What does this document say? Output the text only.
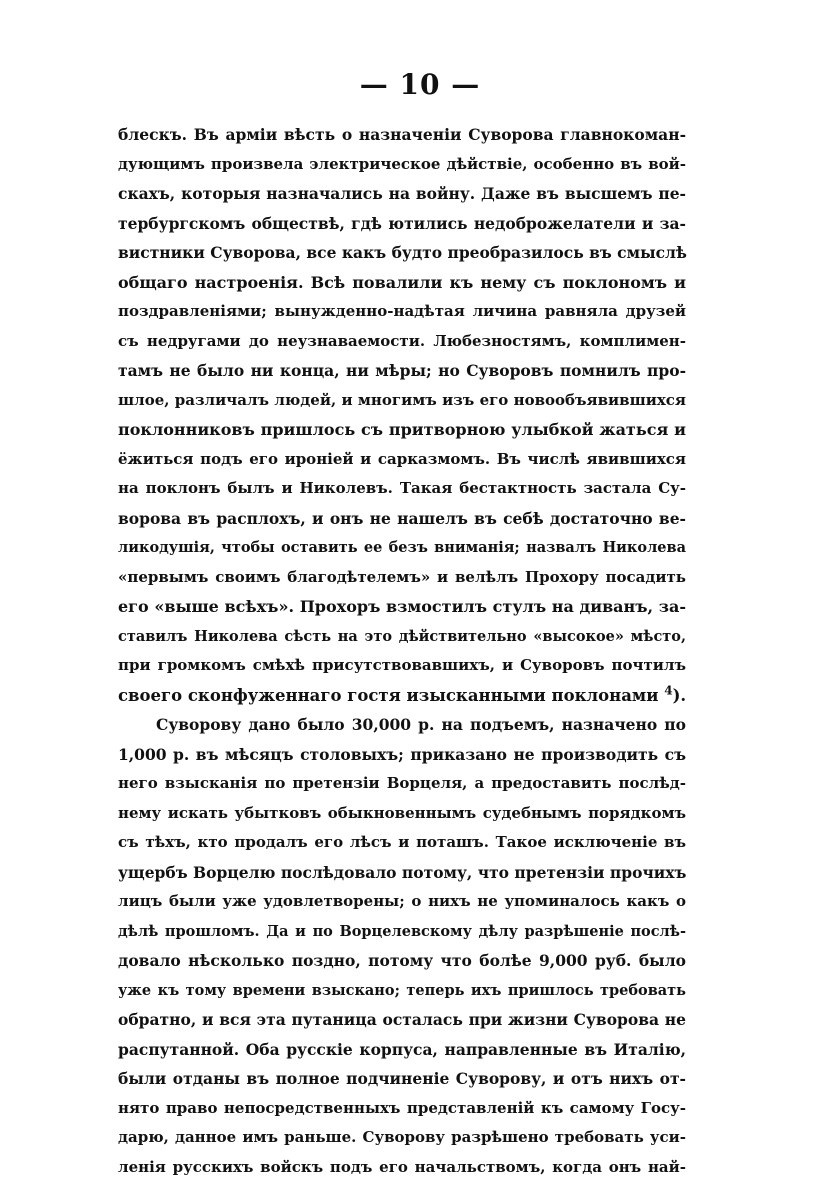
— 10 —
блескъ. Въ арміи вѣсть о назначеніи Суворова главнокоман-
дующимъ произвела электрическое дѣйствіе, особенно въ вой-
скахъ, которыя назначались на войну. Даже въ высшемъ пе-
тербургскомъ обществѣ, гдѣ ютились недоброжелатели и за-
вистники Суворова, все какъ будто преобразилось въ смыслѣ
общаго настроенія. Всѣ повалили къ нему съ поклономъ и
поздравленіями; вынужденно-надѣтая личина равняла друзей
съ недругами до неузнаваемости. Любезностямъ, комплимен-
тамъ не было ни конца, ни мѣры; но Суворовъ помнилъ про-
шлое, различалъ людей, и многимъ изъ его новообъявившихся
поклонниковъ пришлось съ притворною улыбкой жаться и
ёжиться подъ его ироніей и сарказмомъ. Въ числѣ явившихся
на поклонъ былъ и Николевъ. Такая бестактность застала Су-
ворова въ расплохъ, и онъ не нашелъ въ себѣ достаточно ве-
ликодушія, чтобы оставить ее безъ вниманія; назвалъ Николева
«первымъ своимъ благодѣтелемъ» и велѣлъ Прохору посадить
его «выше всѣхъ». Прохоръ взмостилъ стулъ на диванъ, за-
ставилъ Николева сѣсть на это дѣйствительно «высокое» мѣсто,
при громкомъ смѣхѣ присутствовавшихъ, и Суворовъ почтилъ
своего сконфуженнаго гостя изысканными поклонами $^4$).
Суворову дано было 30,000 р. на подъемъ, назначено по
1,000 р. въ мѣсяцъ столовыхъ; приказано не производить съ
него взысканія по претензіи Ворцеля, а предоставить послѣд-
нему искать убытковъ обыкновеннымъ судебнымъ порядкомъ
съ тѣхъ, кто продалъ его лѣсъ и поташъ. Такое исключеніе въ
ущербъ Ворцелю послѣдовало потому, что претензіи прочихъ
лицъ были уже удовлетворены; о нихъ не упоминалось какъ о
дѣлѣ прошломъ. Да и по Ворцелевскому дѣлу разрѣшеніе послѣ-
довало нѣсколько поздно, потому что болѣе 9,000 руб. было
уже къ тому времени взыскано; теперь ихъ пришлось требовать
обратно, и вся эта путаница осталась при жизни Суворова не
распутанной. Оба русскіе корпуса, направленные въ Италію,
были отданы въ полное подчиненіе Суворову, и отъ нихъ от-
нято право непосредственныхъ представленій къ самому Госу-
дарю, данное имъ раньше. Суворову разрѣшено требовать уси-
ленія русскихъ войскъ подъ его начальствомъ, когда онъ най-
